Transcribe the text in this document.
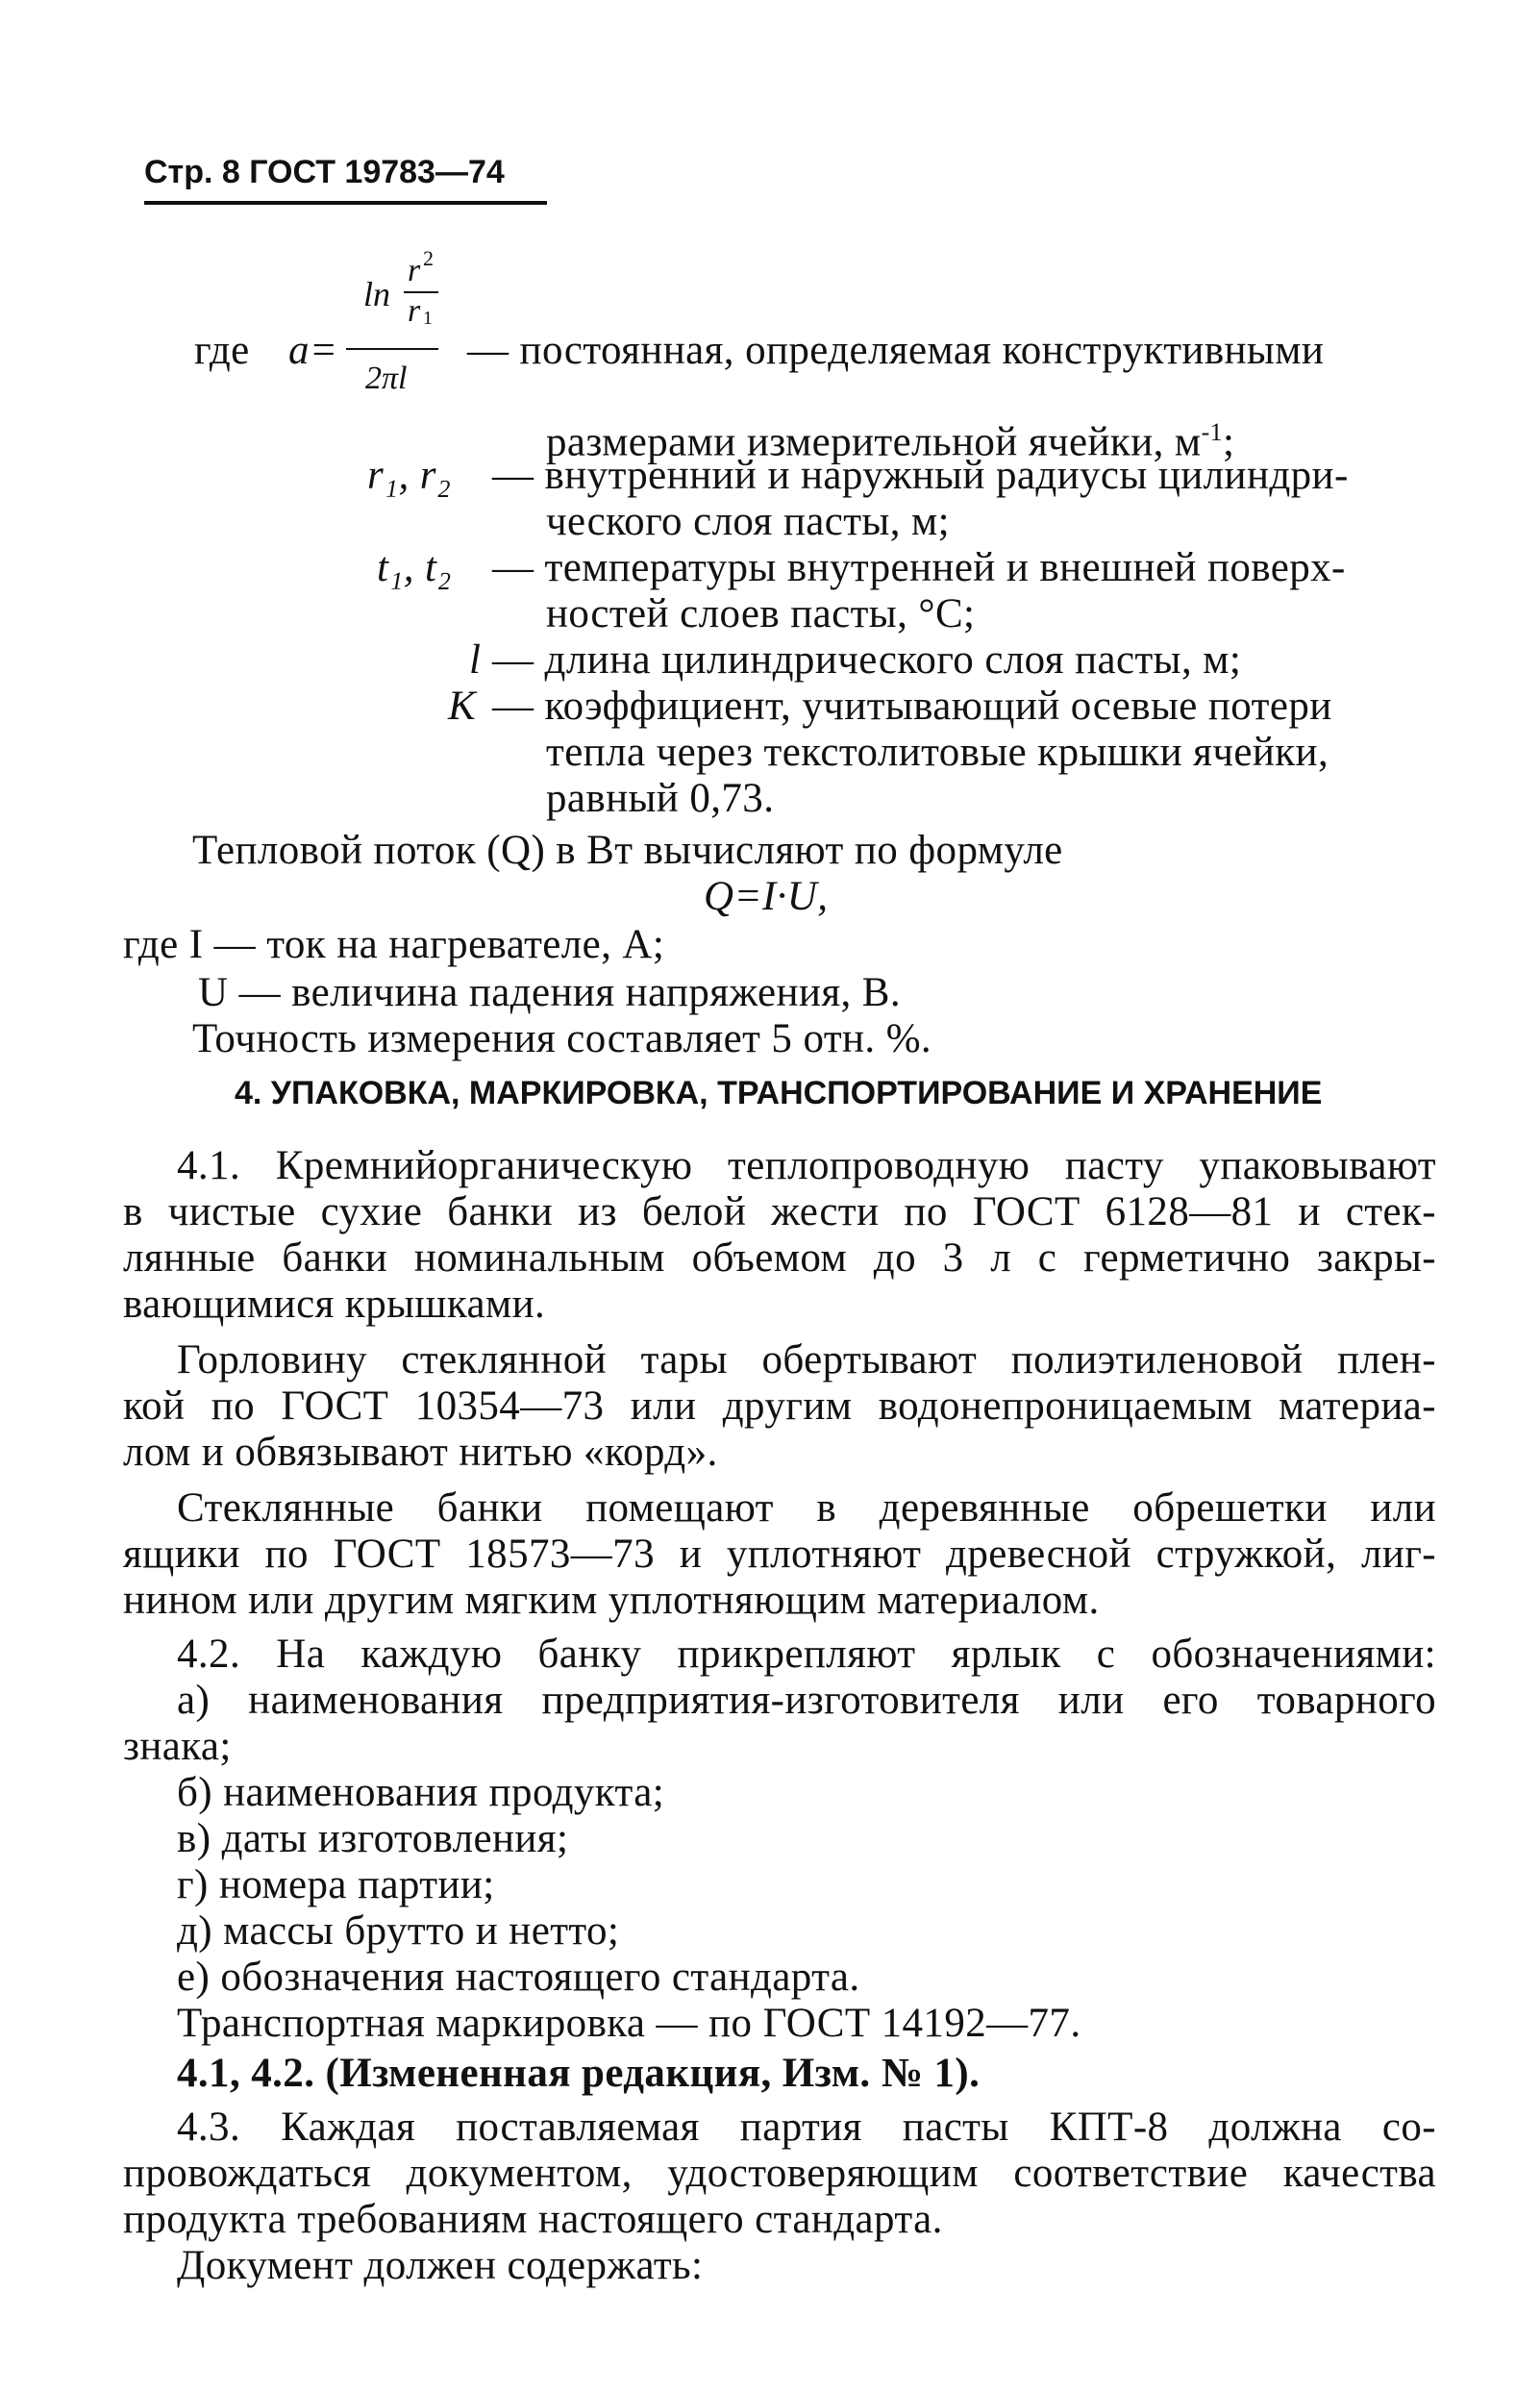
Стр. 8 ГОСТ 19783—74
где a=
ln
r 2
r 1
2πl
— постоянная, определяемая конструктивными
размерами измерительной ячейки, $м^{-1}$;
r₁, r₂ — внутренний и наружный радиусы цилиндри-
ческого слоя пасты, м;
t₁, t₂ — температуры внутренней и внешней поверх-
ностей слоев пасты, °С;
l — длина цилиндрического слоя пасты, м;
K — коэффициент, учитывающий осевые потери
тепла через текстолитовые крышки ячейки,
равный 0,73.
Тепловой поток (Q) в Вт вычисляют по формуле
Q=I·U,
где I — ток на нагревателе, А;
U — величина падения напряжения, В.
Точность измерения составляет 5 отн. %.
4. УПАКОВКА, МАРКИРОВКА, ТРАНСПОРТИРОВАНИЕ И ХРАНЕНИЕ
4.1. Кремнийорганическую теплопроводную пасту упаковывают
в чистые сухие банки из белой жести по ГОСТ 6128—81 и стек-
лянные банки номинальным объемом до 3 л с герметично закры-
вающимися крышками.
Горловину стеклянной тары обертывают полиэтиленовой плен-
кой по ГОСТ 10354—73 или другим водонепроницаемым материа-
лом и обвязывают нитью «корд».
Стеклянные банки помещают в деревянные обрешетки или
ящики по ГОСТ 18573—73 и уплотняют древесной стружкой, лиг-
нином или другим мягким уплотняющим материалом.
4.2. На каждую банку прикрепляют ярлык с обозначениями:
а) наименования предприятия-изготовителя или его товарного
знака;
б) наименования продукта;
в) даты изготовления;
г) номера партии;
д) массы брутто и нетто;
е) обозначения настоящего стандарта.
Транспортная маркировка — по ГОСТ 14192—77.
4.1, 4.2. (Измененная редакция, Изм. № 1).
4.3. Каждая поставляемая партия пасты КПТ-8 должна со-
провождаться документом, удостоверяющим соответствие качества
продукта требованиям настоящего стандарта.
Документ должен содержать:
